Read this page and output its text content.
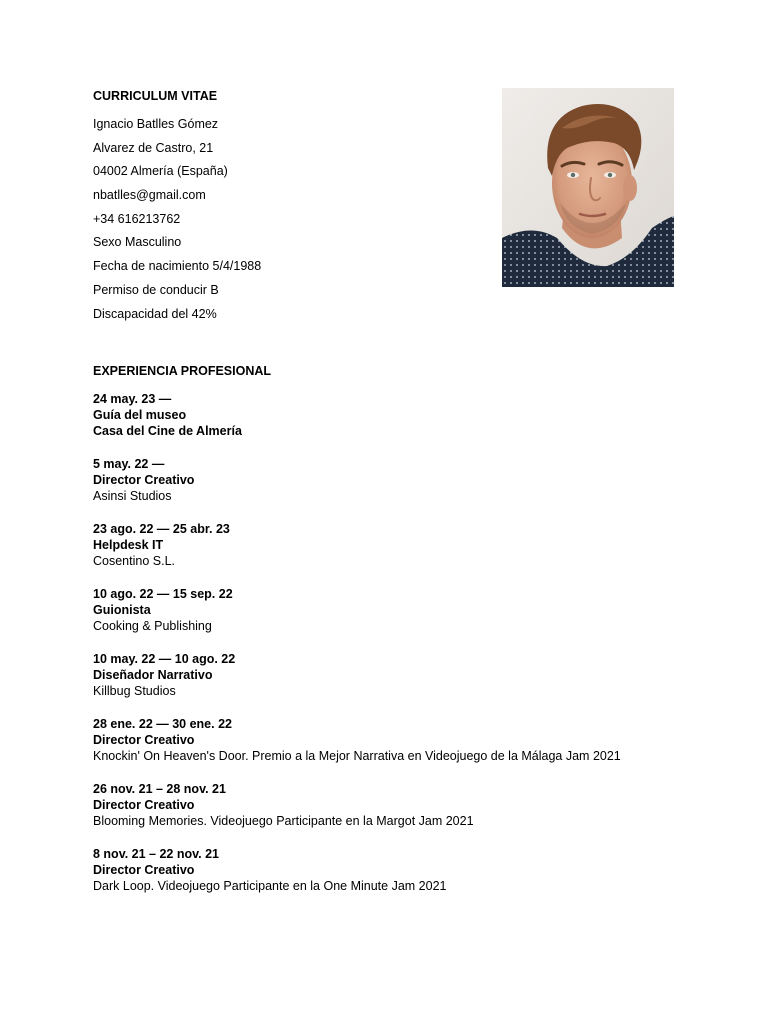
CURRICULUM VITAE
Ignacio Batlles Gómez
Alvarez de Castro, 21
04002 Almería (España)
nbatlles@gmail.com
+34 616213762
Sexo Masculino
Fecha de nacimiento 5/4/1988
Permiso de conducir B
Discapacidad del 42%
EXPERIENCIA PROFESIONAL
24 may. 23 —
Guía del museo
Casa del Cine de Almería
5 may. 22 —
Director Creativo
Asinsi Studios
23 ago. 22 — 25 abr. 23
Helpdesk IT
Cosentino S.L.
10 ago. 22 — 15 sep. 22
Guionista
Cooking & Publishing
10 may. 22 — 10 ago. 22
Diseñador Narrativo
Killbug Studios
28 ene. 22 — 30 ene. 22
Director Creativo
Knockin' On Heaven's Door. Premio a la Mejor Narrativa en Videojuego de la Málaga Jam 2021
26 nov. 21 – 28 nov. 21
Director Creativo
Blooming Memories. Videojuego Participante en la Margot Jam 2021
8 nov. 21 – 22 nov. 21
Director Creativo
Dark Loop. Videojuego Participante en la One Minute Jam 2021
